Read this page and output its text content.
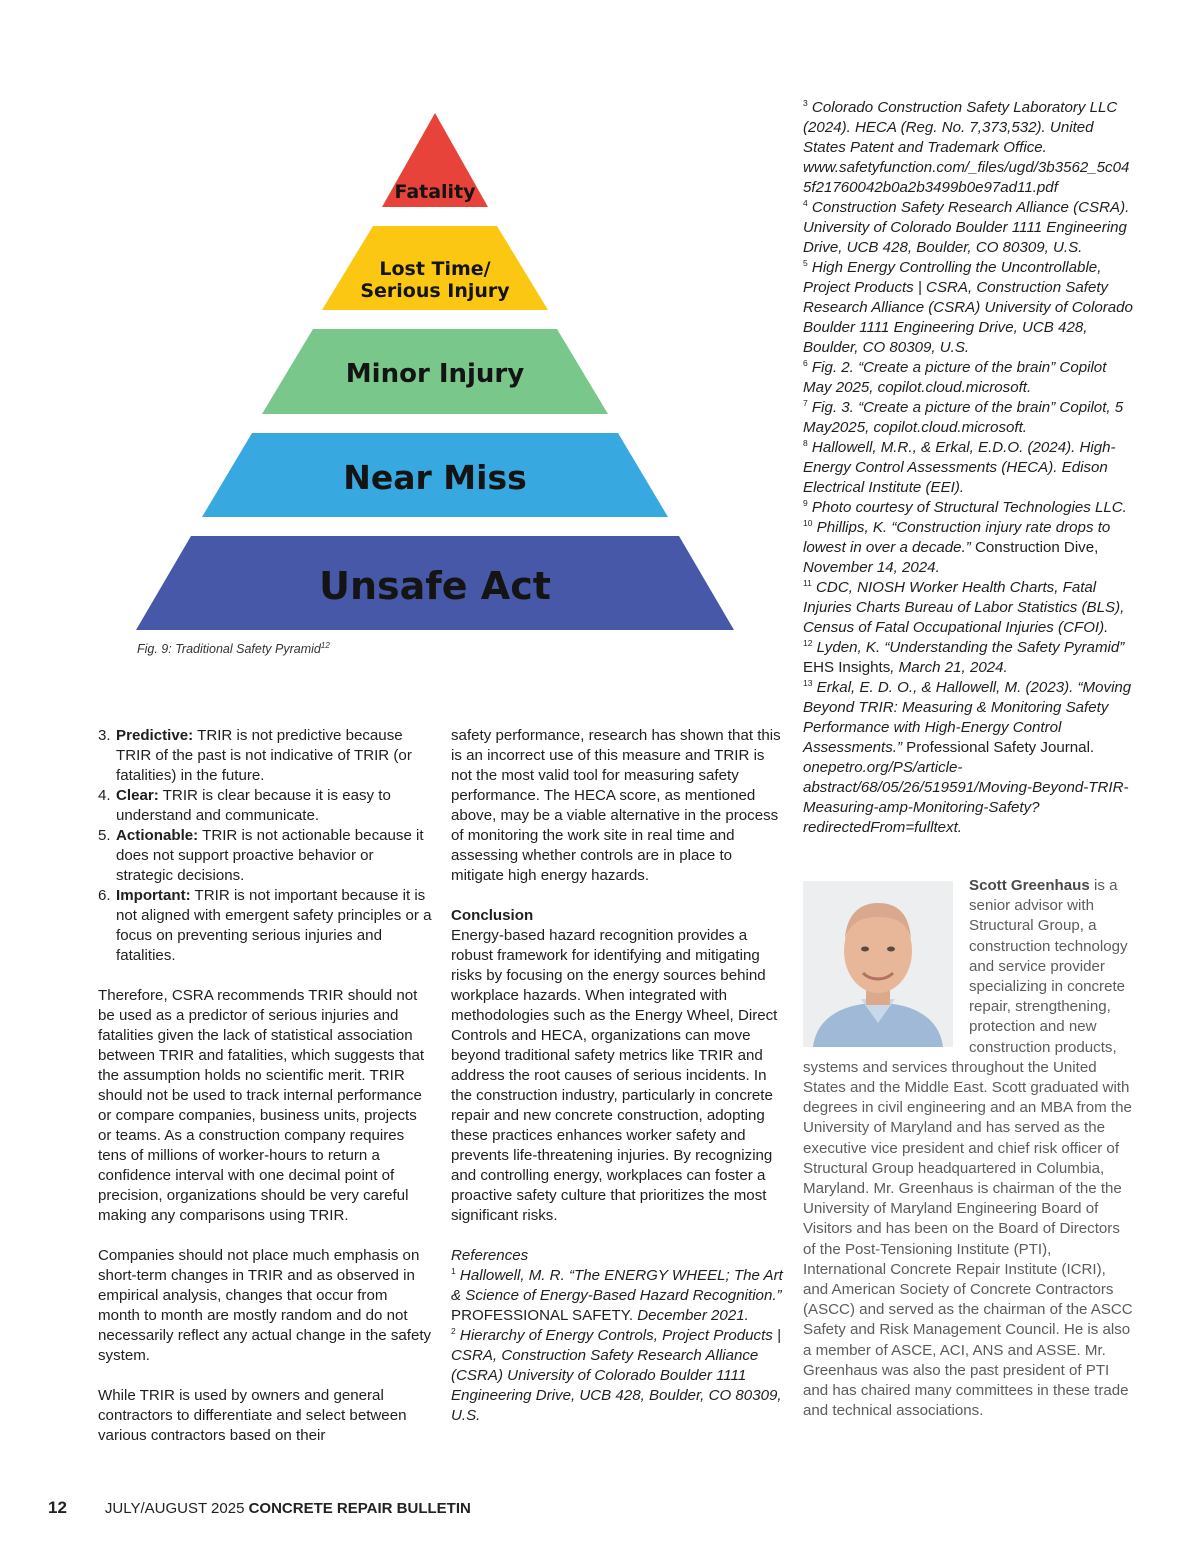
Fatality
Lost Time/
Serious Injury
Minor Injury
Near Miss
Unsafe Act
Fig. 9: Traditional Safety Pyramid$^{12}$
3. Predictive: TRIR is not predictive because TRIR of the past is not indicative of TRIR (or fatalities) in the future.
4. Clear: TRIR is clear because it is easy to understand and communicate.
5. Actionable: TRIR is not actionable because it does not support proactive behavior or strategic decisions.
6. Important: TRIR is not important because it is not aligned with emergent safety principles or a focus on preventing serious injuries and fatalities.

Therefore, CSRA recommends TRIR should not be used as a predictor of serious injuries and fatalities given the lack of statistical association between TRIR and fatalities, which suggests that the assumption holds no scientific merit. TRIR should not be used to track internal performance or compare companies, business units, projects or teams. As a construction company requires tens of millions of worker-hours to return a confidence interval with one decimal point of precision, organizations should be very careful making any comparisons using TRIR.

Companies should not place much emphasis on short-term changes in TRIR and as observed in empirical analysis, changes that occur from month to month are mostly random and do not necessarily reflect any actual change in the safety system.

While TRIR is used by owners and general contractors to differentiate and select between various contractors based on their

safety performance, research has shown that this is an incorrect use of this measure and TRIR is not the most valid tool for measuring safety performance. The HECA score, as mentioned above, may be a viable alternative in the process of monitoring the work site in real time and assessing whether controls are in place to mitigate high energy hazards.

Conclusion

Energy-based hazard recognition provides a robust framework for identifying and mitigating risks by focusing on the energy sources behind workplace hazards. When integrated with methodologies such as the Energy Wheel, Direct Controls and HECA, organizations can move beyond traditional safety metrics like TRIR and address the root causes of serious incidents. In the construction industry, particularly in concrete repair and new concrete construction, adopting these practices enhances worker safety and prevents life-threatening injuries. By recognizing and controlling energy, workplaces can foster a proactive safety culture that prioritizes the most significant risks.

References

$^1$ Hallowell, M. R. “The ENERGY WHEEL; The Art & Science of Energy-Based Hazard Recognition.” PROFESSIONAL SAFETY. December 2021.

$^2$ Hierarchy of Energy Controls, Project Products | CSRA, Construction Safety Research Alliance (CSRA) University of Colorado Boulder 1111 Engineering Drive, UCB 428, Boulder, CO 80309, U.S.

$^3$ Colorado Construction Safety Laboratory LLC (2024). HECA (Reg. No. 7,373,532). United States Patent and Trademark Office. www.safetyfunction.com/_files/ugd/3b3562_5c045f21760042b0a2b3499b0e97ad11.pdf

$^4$ Construction Safety Research Alliance (CSRA). University of Colorado Boulder 1111 Engineering Drive, UCB 428, Boulder, CO 80309, U.S.

$^5$ High Energy Controlling the Uncontrollable, Project Products | CSRA, Construction Safety Research Alliance (CSRA) University of Colorado Boulder 1111 Engineering Drive, UCB 428, Boulder, CO 80309, U.S.

$^6$ Fig. 2. “Create a picture of the brain” Copilot May 2025, copilot.cloud.microsoft.

$^7$ Fig. 3. “Create a picture of the brain” Copilot, 5 May2025, copilot.cloud.microsoft.

$^8$ Hallowell, M.R., & Erkal, E.D.O. (2024). High-Energy Control Assessments (HECA). Edison Electrical Institute (EEI).

$^9$ Photo courtesy of Structural Technologies LLC.

$^{10}$ Phillips, K. “Construction injury rate drops to lowest in over a decade.” Construction Dive, November 14, 2024.

$^{11}$ CDC, NIOSH Worker Health Charts, Fatal Injuries Charts Bureau of Labor Statistics (BLS), Census of Fatal Occupational Injuries (CFOI).

$^{12}$ Lyden, K. “Understanding the Safety Pyramid” EHS Insights, March 21, 2024.

$^{13}$ Erkal, E. D. O., & Hallowell, M. (2023). “Moving Beyond TRIR: Measuring & Monitoring Safety Performance with High-Energy Control Assessments.” Professional Safety Journal. onepetro.org/PS/article-abstract/68/05/26/519591/Moving-Beyond-TRIR-Measuring-amp-Monitoring-Safety?redirectedFrom=fulltext.

Scott Greenhaus is a senior advisor with Structural Group, a construction technology and service provider specializing in concrete repair, strengthening, protection and new construction products, systems and services throughout the United States and the Middle East. Scott graduated with degrees in civil engineering and an MBA from the University of Maryland and has served as the executive vice president and chief risk officer of Structural Group headquartered in Columbia, Maryland. Mr. Greenhaus is chairman of the the University of Maryland Engineering Board of Visitors and has been on the Board of Directors of the Post-Tensioning Institute (PTI), International Concrete Repair Institute (ICRI), and American Society of Concrete Contractors (ASCC) and served as the chairman of the ASCC Safety and Risk Management Council. He is also a member of ASCE, ACI, ANS and ASSE. Mr. Greenhaus was also the past president of PTI and has chaired many committees in these trade and technical associations.
12	JULY/AUGUST 2025 CONCRETE REPAIR BULLETIN
